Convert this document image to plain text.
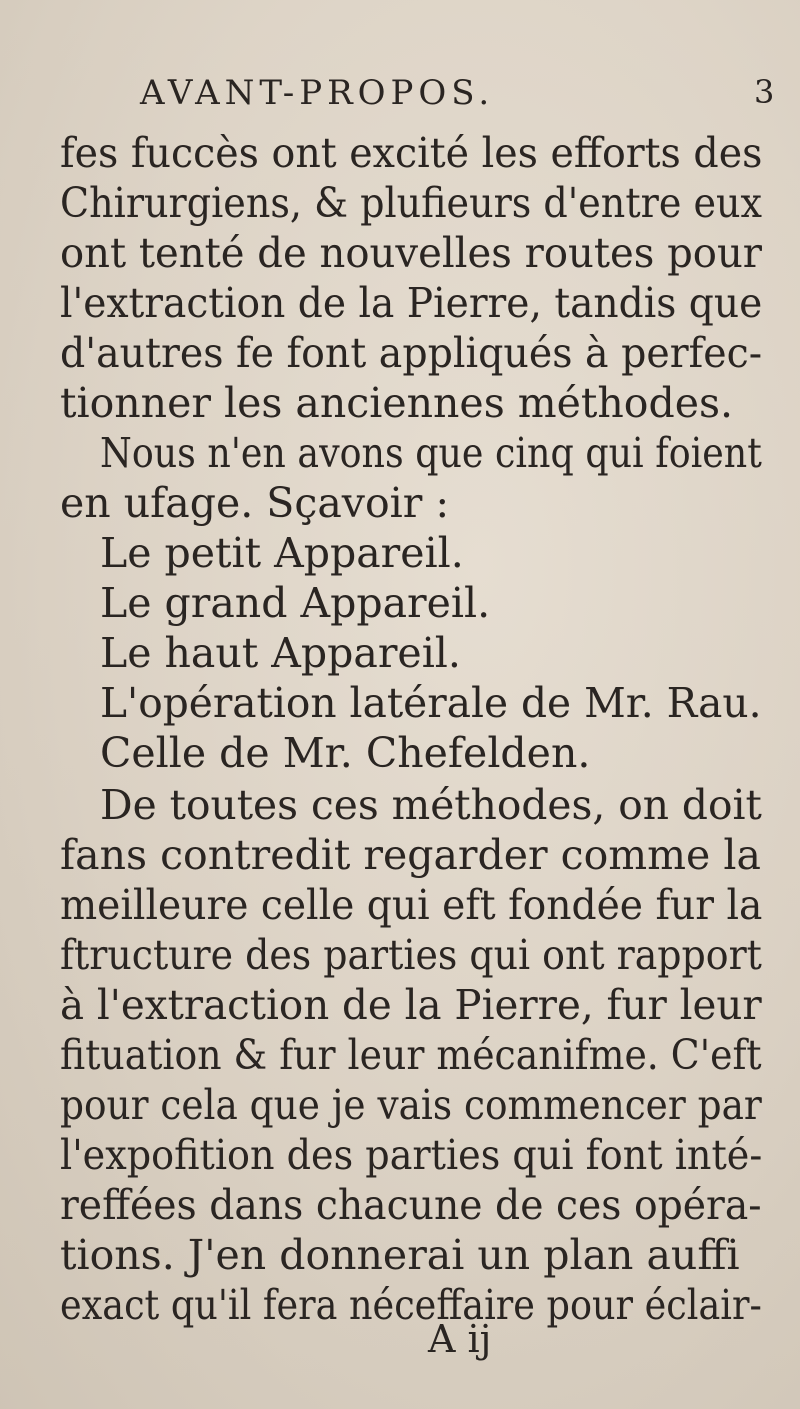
AVANT-PROPOS.	3
fes fuccès ont excité les efforts des
Chirurgiens, & plufieurs d'entre eux
ont tenté de nouvelles routes pour
l'extraction de la Pierre, tandis que
d'autres fe font appliqués à perfec-
tionner les anciennes méthodes.
Nous n'en avons que cinq qui foient
en ufage. Sçavoir :
Le petit Appareil.
Le grand Appareil.
Le haut Appareil.
L'opération latérale de Mr. Rau.
Celle de Mr. Chefelden.
De toutes ces méthodes, on doit
fans contredit regarder comme la
meilleure celle qui eft fondée fur la
ftructure des parties qui ont rapport
à l'extraction de la Pierre, fur leur
fituation & fur leur mécanifme. C'eft
pour cela que je vais commencer par
l'expofition des parties qui font inté-
reffées dans chacune de ces opéra-
tions. J'en donnerai un plan auffi
exact qu'il fera néceffaire pour éclair-
A ij
